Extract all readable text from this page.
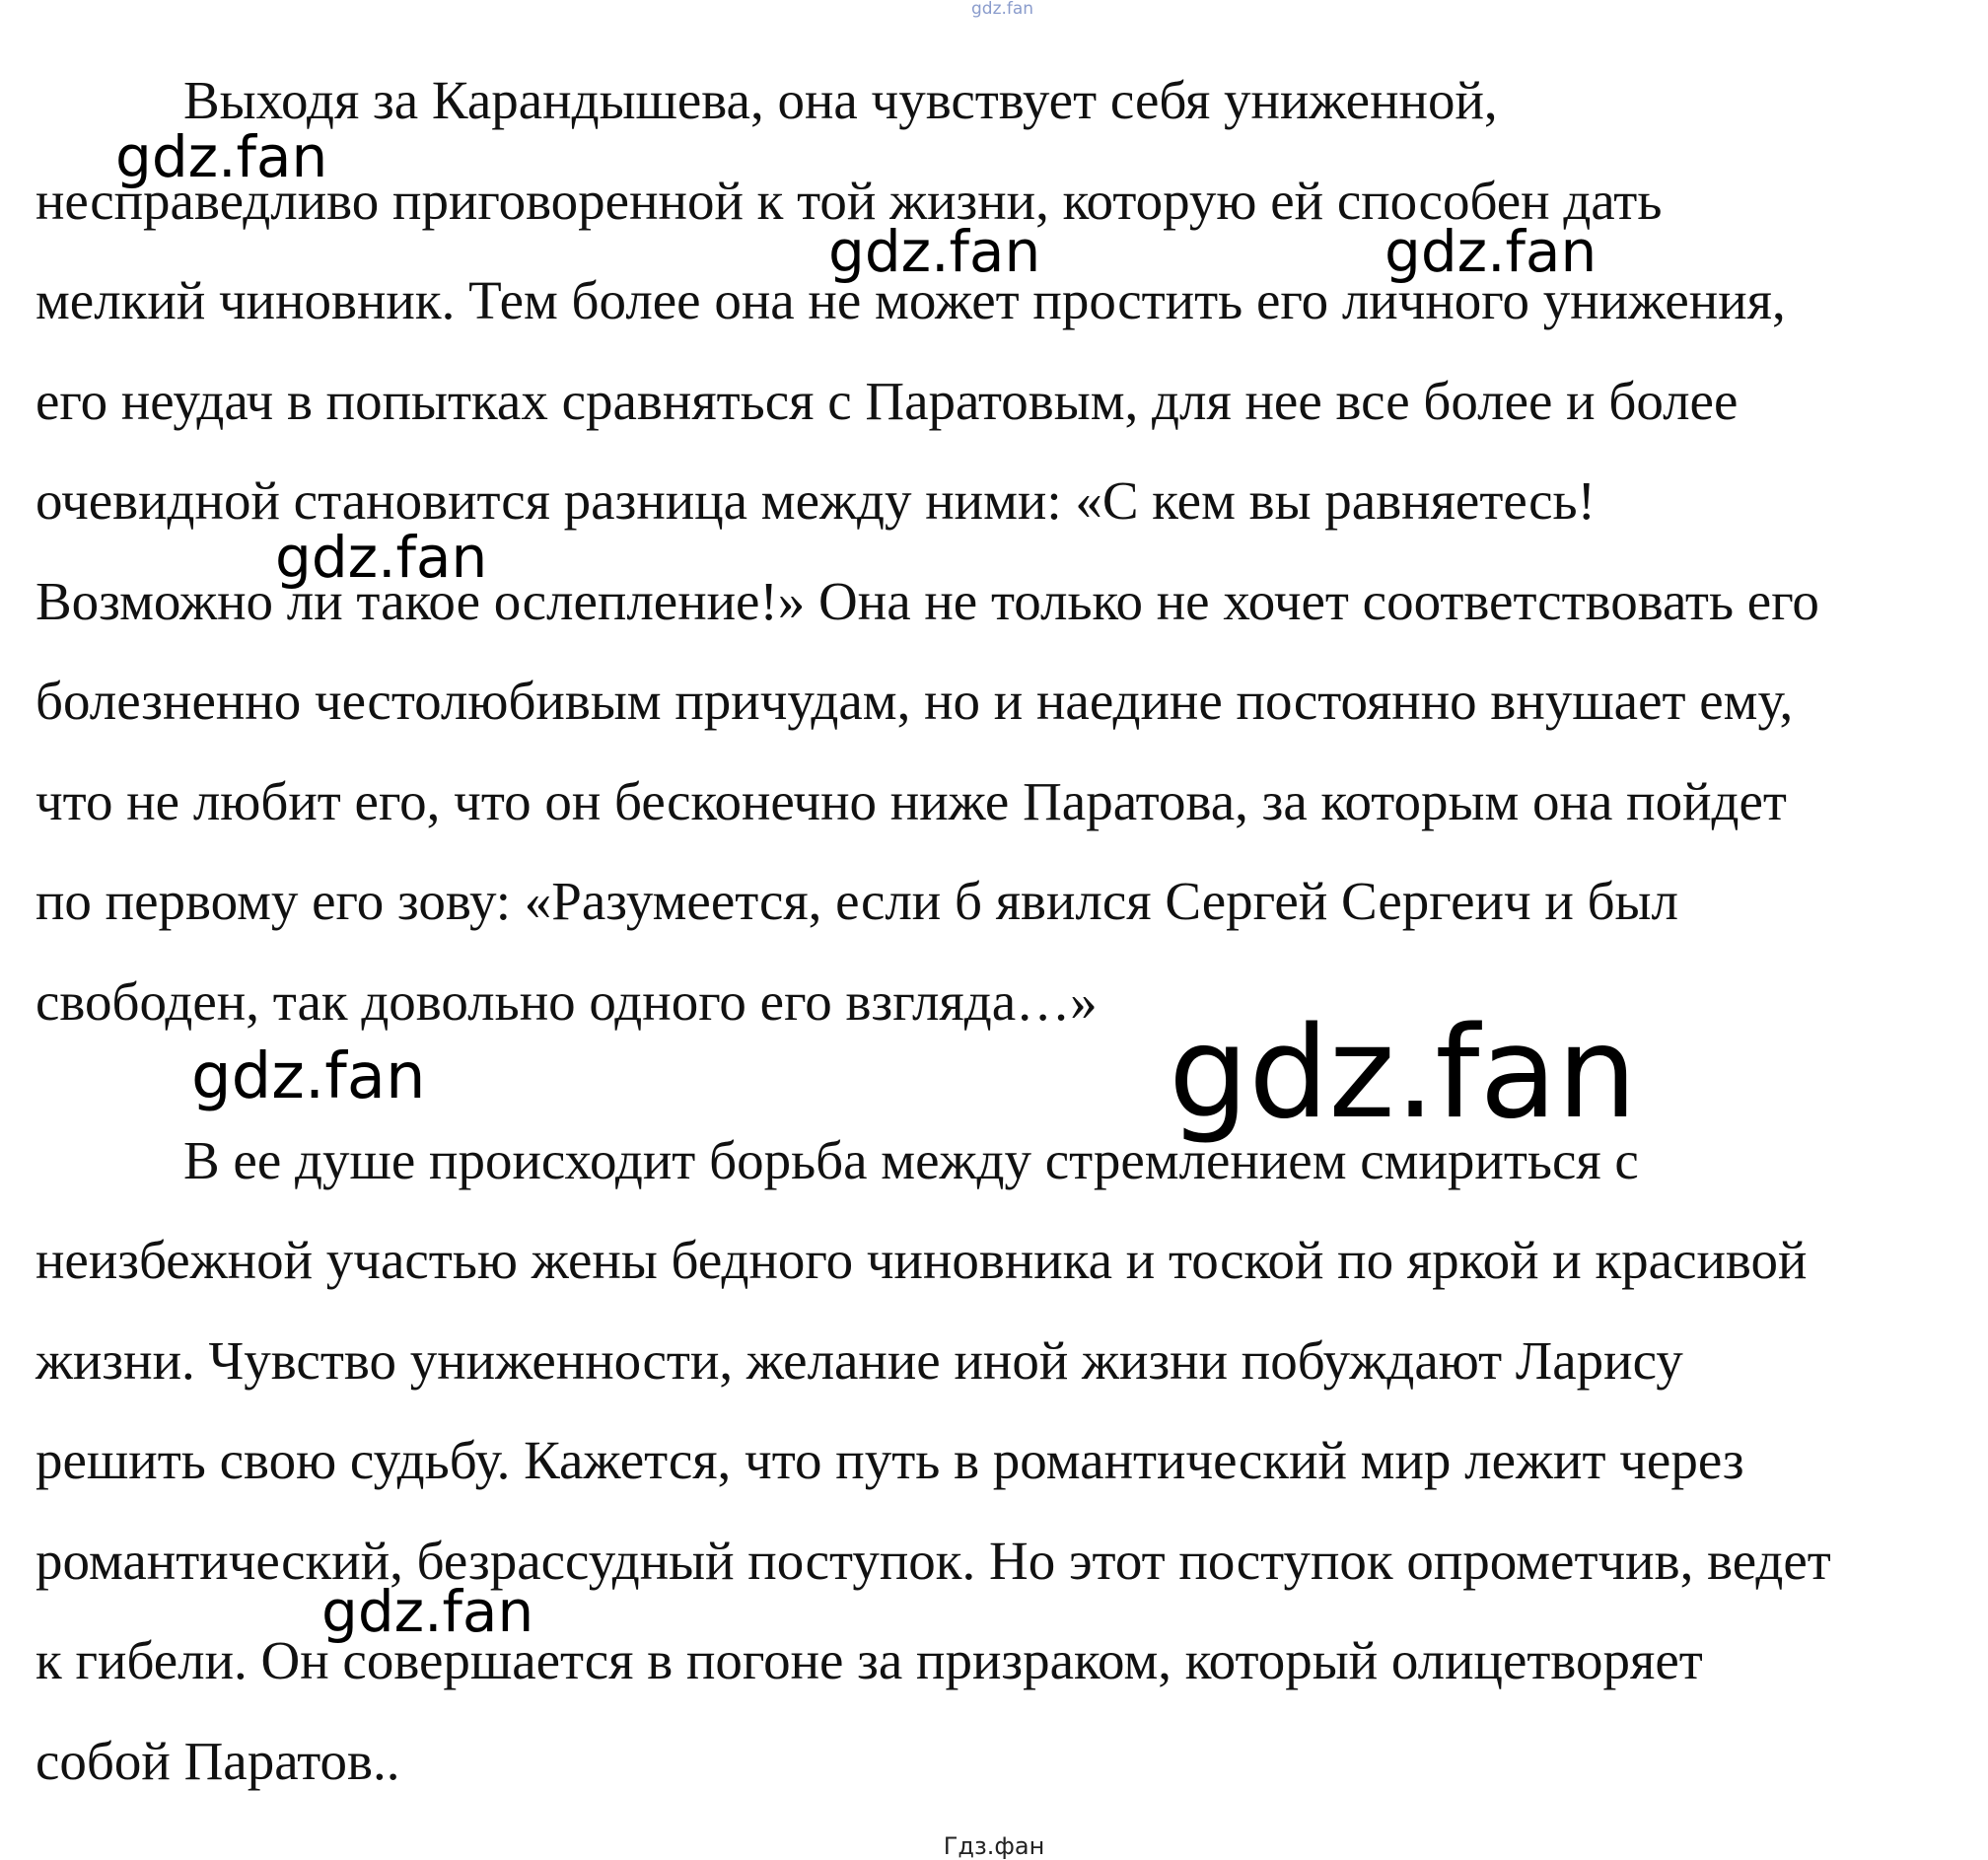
gdz.fan

Выходя за Карандышева, она чувствует себя униженной,

несправедливо приговоренной к той жизни, которую ей способен дать

мелкий чиновник. Тем более она не может простить его личного унижения,

его неудач в попытках сравняться с Паратовым, для нее все более и более

очевидной становится разница между ними: «С кем вы равняетесь!

Возможно ли такое ослепление!» Она не только не хочет соответствовать его

болезненно честолюбивым причудам, но и наедине постоянно внушает ему,

что не любит его, что он бесконечно ниже Паратова, за которым она пойдет

по первому его зову: «Разумеется, если б явился Сергей Сергеич и был

свободен, так довольно одного его взгляда…»

В ее душе происходит борьба между стремлением смириться с

неизбежной участью жены бедного чиновника и тоской по яркой и красивой

жизни. Чувство униженности, желание иной жизни побуждают Ларису

решить свою судьбу. Кажется, что путь в романтический мир лежит через

романтический, безрассудный поступок. Но этот поступок опрометчив, ведет

к гибели. Он совершается в погоне за призраком, который олицетворяет

собой Паратов..

gdz.fan
gdz.fan	gdz.fan
gdz.fan
gdz.fan	gdz.fan
gdz.fan
Гдз.фан
